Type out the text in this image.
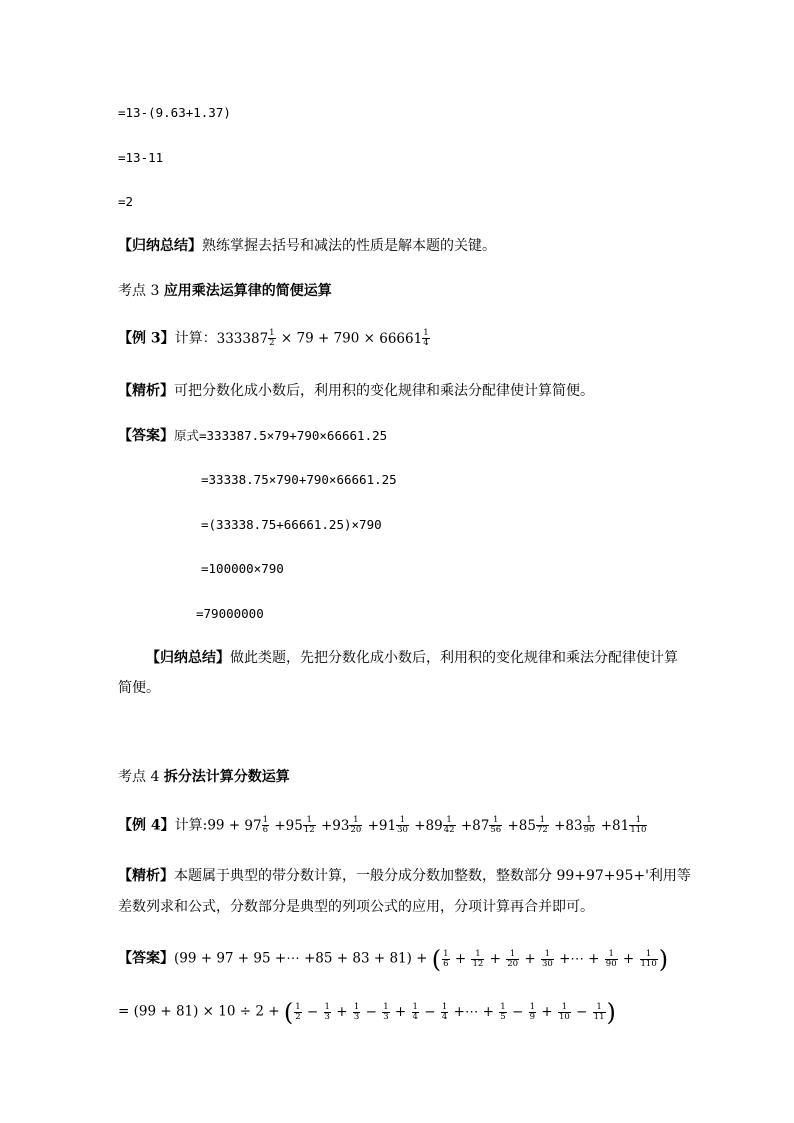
=13-(9.63+1.37)
=13-11
=2
【归纳总结】熟练掌握去括号和减法的性质是解本题的关键。
考点 3 应用乘法运算律的简便运算
【例 3】计算： $333387 \frac{1}{2} \times 79 + 790 \times 66661 \frac{1}{4}$
【精析】可把分数化成小数后，利用积的变化规律和乘法分配律使计算简便。
【答案】原式=333387.5×79+790×66661.25
=33338.75×790+790×66661.25
=(33338.75+66661.25)×790
=100000×790
=79000000
【归纳总结】做此类题，先把分数化成小数后，利用积的变化规律和乘法分配律使计算
简便。
考点 4 拆分法计算分数运算
【例 4】计算:99 + $97 \frac{1}{6} +95 \frac{1}{12} +93 \frac{1}{20} +91 \frac{1}{30} +89 \frac{1}{42} +87 \frac{1}{56} +85 \frac{1}{72} +83 \frac{1}{90} +81 \frac{1}{110}$
【精析】本题属于典型的带分数计算，一般分成分数加整数，整数部分 99+97+95+'利用等
差数列求和公式，分数部分是典型的列项公式的应用，分项计算再合并即可。
【答案】(99 + 97 + 95 +⋯ +85 + 83 + 81) + ( $\frac{1}{6} + \frac{1}{12} + \frac{1}{20} + \frac{1}{30}$ +⋯ + $\frac{1}{90} + \frac{1}{110}$ )
= (99 + 81) × 10 ÷ 2 + ( $\frac{1}{2} - \frac{1}{3} + \frac{1}{3} - \frac{1}{3} + \frac{1}{4} - \frac{1}{4}$ +⋯ + $\frac{1}{5} - \frac{1}{9} + \frac{1}{10} - \frac{1}{11}$ )
